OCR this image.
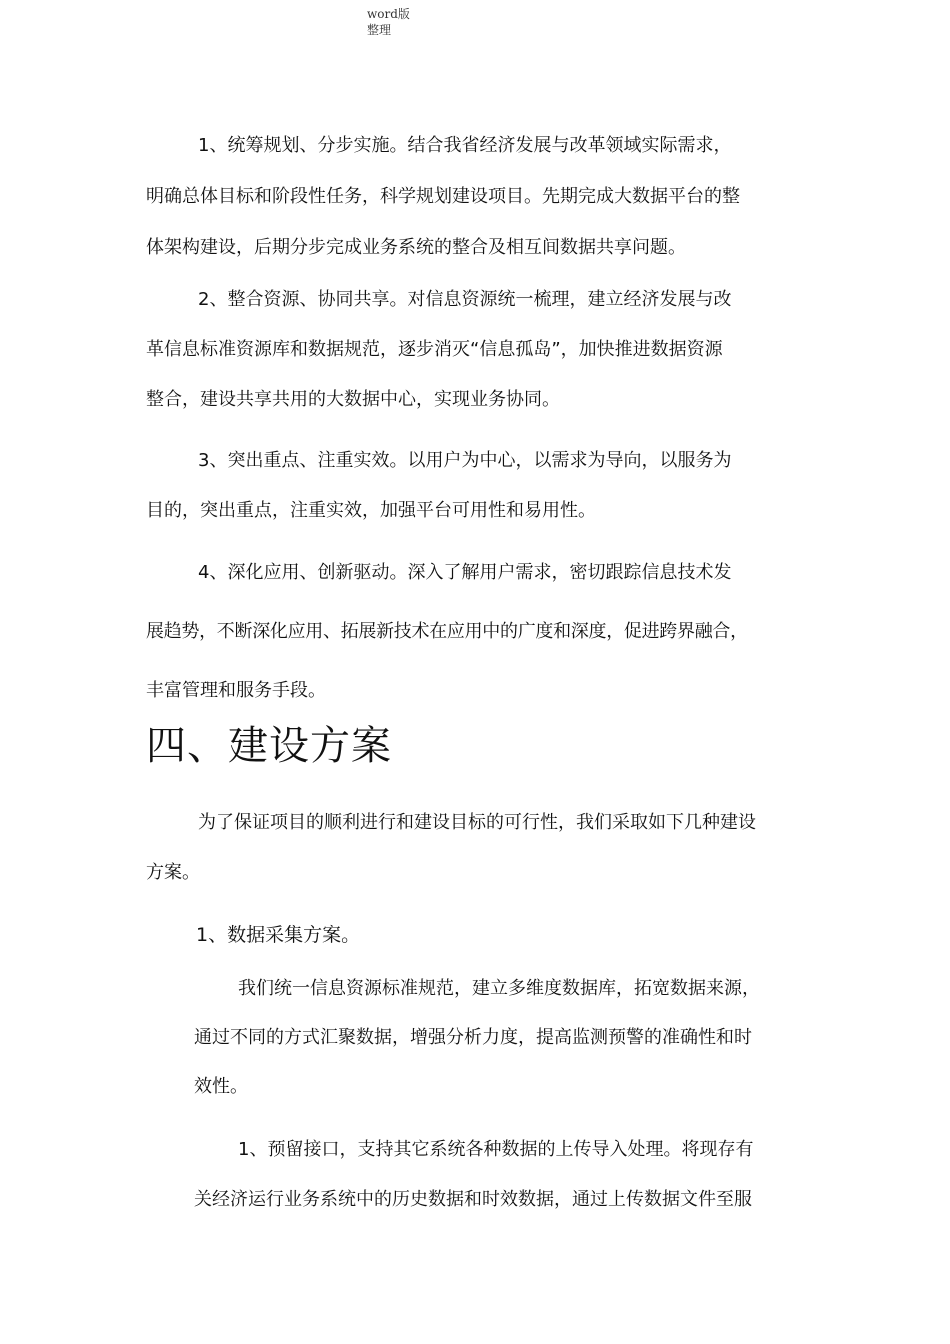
word版
整理
1、统筹规划、分步实施。结合我省经济发展与改革领域实际需求，
明确总体目标和阶段性任务，科学规划建设项目。先期完成大数据平台的整
体架构建设，后期分步完成业务系统的整合及相互间数据共享问题。
2、整合资源、协同共享。对信息资源统一梳理，建立经济发展与改
革信息标准资源库和数据规范，逐步消灭“信息孤岛”，加快推进数据资源
整合，建设共享共用的大数据中心，实现业务协同。
3、突出重点、注重实效。以用户为中心，以需求为导向，以服务为
目的，突出重点，注重实效，加强平台可用性和易用性。
4、深化应用、创新驱动。深入了解用户需求，密切跟踪信息技术发
展趋势，不断深化应用、拓展新技术在应用中的广度和深度，促进跨界融合，
丰富管理和服务手段。
四、建设方案
为了保证项目的顺利进行和建设目标的可行性，我们采取如下几种建设
方案。
1、数据采集方案。
我们统一信息资源标准规范，建立多维度数据库，拓宽数据来源，
通过不同的方式汇聚数据，增强分析力度，提高监测预警的准确性和时
效性。
1、预留接口，支持其它系统各种数据的上传导入处理。将现存有
关经济运行业务系统中的历史数据和时效数据，通过上传数据文件至服
